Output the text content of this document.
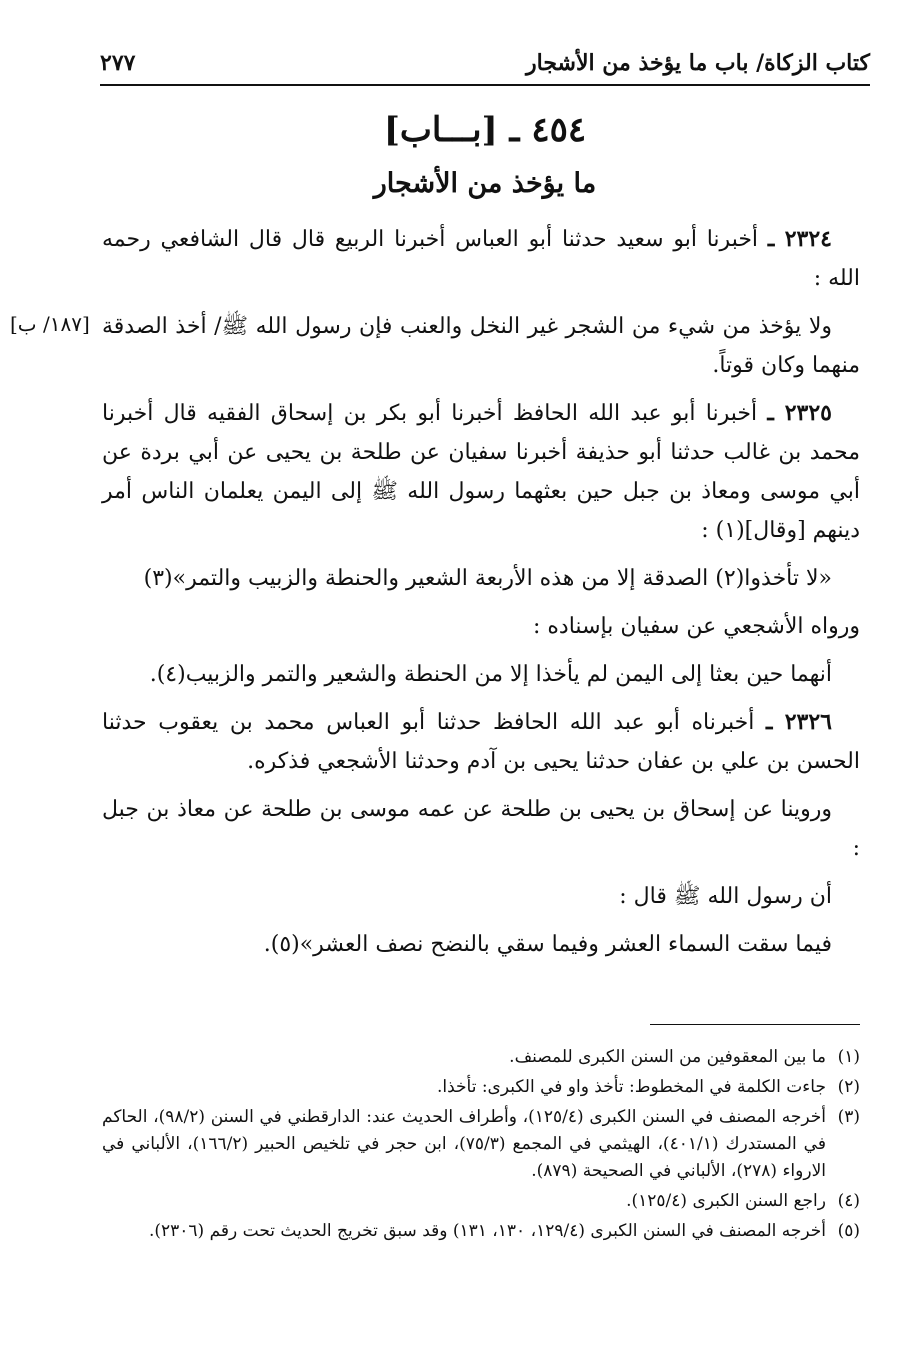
كتاب الزكاة/ باب ما يؤخذ من الأشجار
٢٧٧
٤٥٤ ـ [بـــاب]
ما يؤخذ من الأشجار
[١٨٧/ ب]

٢٣٢٤ ـ أخبرنا أبو سعيد حدثنا أبو العباس أخبرنا الربيع قال قال الشافعي رحمه الله :

ولا يؤخذ من شيء من الشجر غير النخل والعنب فإن رسول الله ﷺ/ أخذ الصدقة منهما وكان قوتاً.

٢٣٢٥ ـ أخبرنا أبو عبد الله الحافظ أخبرنا أبو بكر بن إسحاق الفقيه قال أخبرنا محمد بن غالب حدثنا أبو حذيفة أخبرنا سفيان عن طلحة بن يحيى عن أبي بردة عن أبي موسى ومعاذ بن جبل حين بعثهما رسول الله ﷺ إلى اليمن يعلمان الناس أمر دينهم [وقال](١) :

«لا تأخذوا(٢) الصدقة إلا من هذه الأربعة الشعير والحنطة والزبيب والتمر»(٣)

ورواه الأشجعي عن سفيان بإسناده :

أنهما حين بعثا إلى اليمن لم يأخذا إلا من الحنطة والشعير والتمر والزبيب(٤).

٢٣٢٦ ـ أخبرناه أبو عبد الله الحافظ حدثنا أبو العباس محمد بن يعقوب حدثنا الحسن بن علي بن عفان حدثنا يحيى بن آدم وحدثنا الأشجعي فذكره.

وروينا عن إسحاق بن يحيى بن طلحة عن عمه موسى بن طلحة عن معاذ بن جبل :

أن رسول الله ﷺ قال :

فيما سقت السماء العشر وفيما سقي بالنضح نصف العشر»(٥).

(١)
ما بين المعقوفين من السنن الكبرى للمصنف.
(٢)
جاءت الكلمة في المخطوط: تأخذ واو في الكبرى: تأخذا.
(٣)
أخرجه المصنف في السنن الكبرى (١٢٥/٤)، وأطراف الحديث عند: الدارقطني في السنن (٩٨/٢)، الحاكم في المستدرك (٤٠١/١)، الهيثمي في المجمع (٧٥/٣)، ابن حجر في تلخيص الحبير (١٦٦/٢)، الألباني في الارواء (٢٧٨)، الألباني في الصحيحة (٨٧٩).
(٤)
راجع السنن الكبرى (١٢٥/٤).
(٥)
أخرجه المصنف في السنن الكبرى (١٢٩/٤، ١٣٠، ١٣١) وقد سبق تخريج الحديث تحت رقم (٢٣٠٦).
